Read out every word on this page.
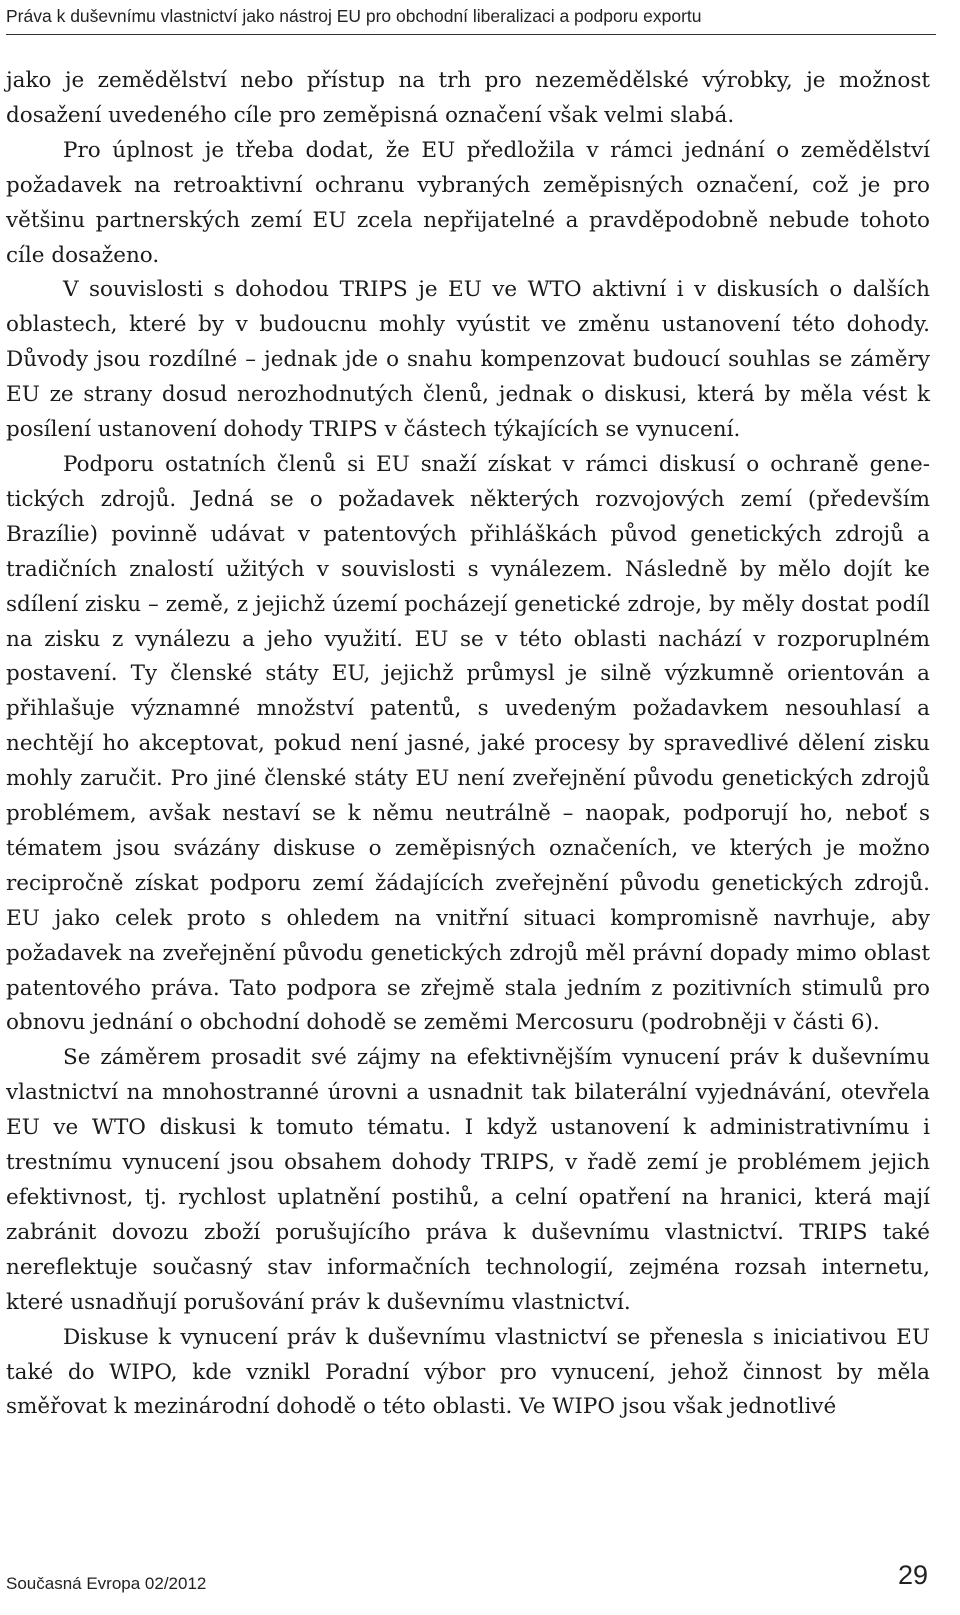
Práva k duševnímu vlastnictví jako nástroj EU pro obchodní liberalizaci a podporu exportu

jako je zemědělství nebo přístup na trh pro nezemědělské výrobky, je možnost dosažení uvedeného cíle pro zeměpisná označení však velmi slabá.

Pro úplnost je třeba dodat, že EU předložila v rámci jednání o zemědělství požadavek na retroaktivní ochranu vybraných zeměpisných označení, což je pro většinu partnerských zemí EU zcela nepřijatelné a pravděpodobně nebude tohoto cíle dosaženo.

V souvislosti s dohodou TRIPS je EU ve WTO aktivní i v diskusích o dalších oblastech, které by v budoucnu mohly vyústit ve změnu ustanovení této dohody. Důvody jsou rozdílné – jednak jde o snahu kompenzovat budoucí souhlas se záměry EU ze strany dosud nerozhodnutých členů, jednak o diskusi, která by měla vést k posílení ustanovení dohody TRIPS v částech týkajících se vynucení.

Podporu ostatních členů si EU snaží získat v rámci diskusí o ochraně genetických zdrojů. Jedná se o požadavek některých rozvojových zemí (především Brazílie) povinně udávat v patentových přihláškách původ genetických zdrojů a tradičních znalostí užitých v souvislosti s vynálezem. Následně by mělo dojít ke sdílení zisku – země, z jejichž území pocházejí genetické zdroje, by měly dostat podíl na zisku z vynálezu a jeho využití. EU se v této oblasti nachází v rozporuplném postavení. Ty členské státy EU, jejichž průmysl je silně výzkumně orientován a přihlašuje významné množství patentů, s uvedeným požadavkem nesouhlasí a nechtějí ho akceptovat, pokud není jasné, jaké procesy by spravedlivé dělení zisku mohly zaručit. Pro jiné členské státy EU není zveřejnění původu genetických zdrojů problémem, avšak nestaví se k němu neutrálně – naopak, podporují ho, neboť s tématem jsou svázány diskuse o zeměpisných označeních, ve kterých je možno recipročně získat podporu zemí žádajících zveřejnění původu genetických zdrojů. EU jako celek proto s ohledem na vnitřní situaci kompromisně navrhuje, aby požadavek na zveřejnění původu genetických zdrojů měl právní dopady mimo oblast patentového práva. Tato podpora se zřejmě stala jedním z pozitivních stimulů pro obnovu jednání o obchodní dohodě se zeměmi Mercosuru (podrobněji v části 6).

Se záměrem prosadit své zájmy na efektivnějším vynucení práv k duševnímu vlastnictví na mnohostranné úrovni a usnadnit tak bilaterální vyjednávání, otevřela EU ve WTO diskusi k tomuto tématu. I když ustanovení k administrativnímu i trestnímu vynucení jsou obsahem dohody TRIPS, v řadě zemí je problémem jejich efektivnost, tj. rychlost uplatnění postihů, a celní opatření na hranici, která mají zabránit dovozu zboží porušujícího práva k duševnímu vlastnictví. TRIPS také nereflektuje současný stav informačních technologií, zejména rozsah internetu, které usnadňují porušování práv k duševnímu vlastnictví.

Diskuse k vynucení práv k duševnímu vlastnictví se přenesla s iniciativou EU také do WIPO, kde vznikl Poradní výbor pro vynucení, jehož činnost by měla směřovat k mezinárodní dohodě o této oblasti. Ve WIPO jsou však jednotlivé

Současná Evropa 02/2012	29
